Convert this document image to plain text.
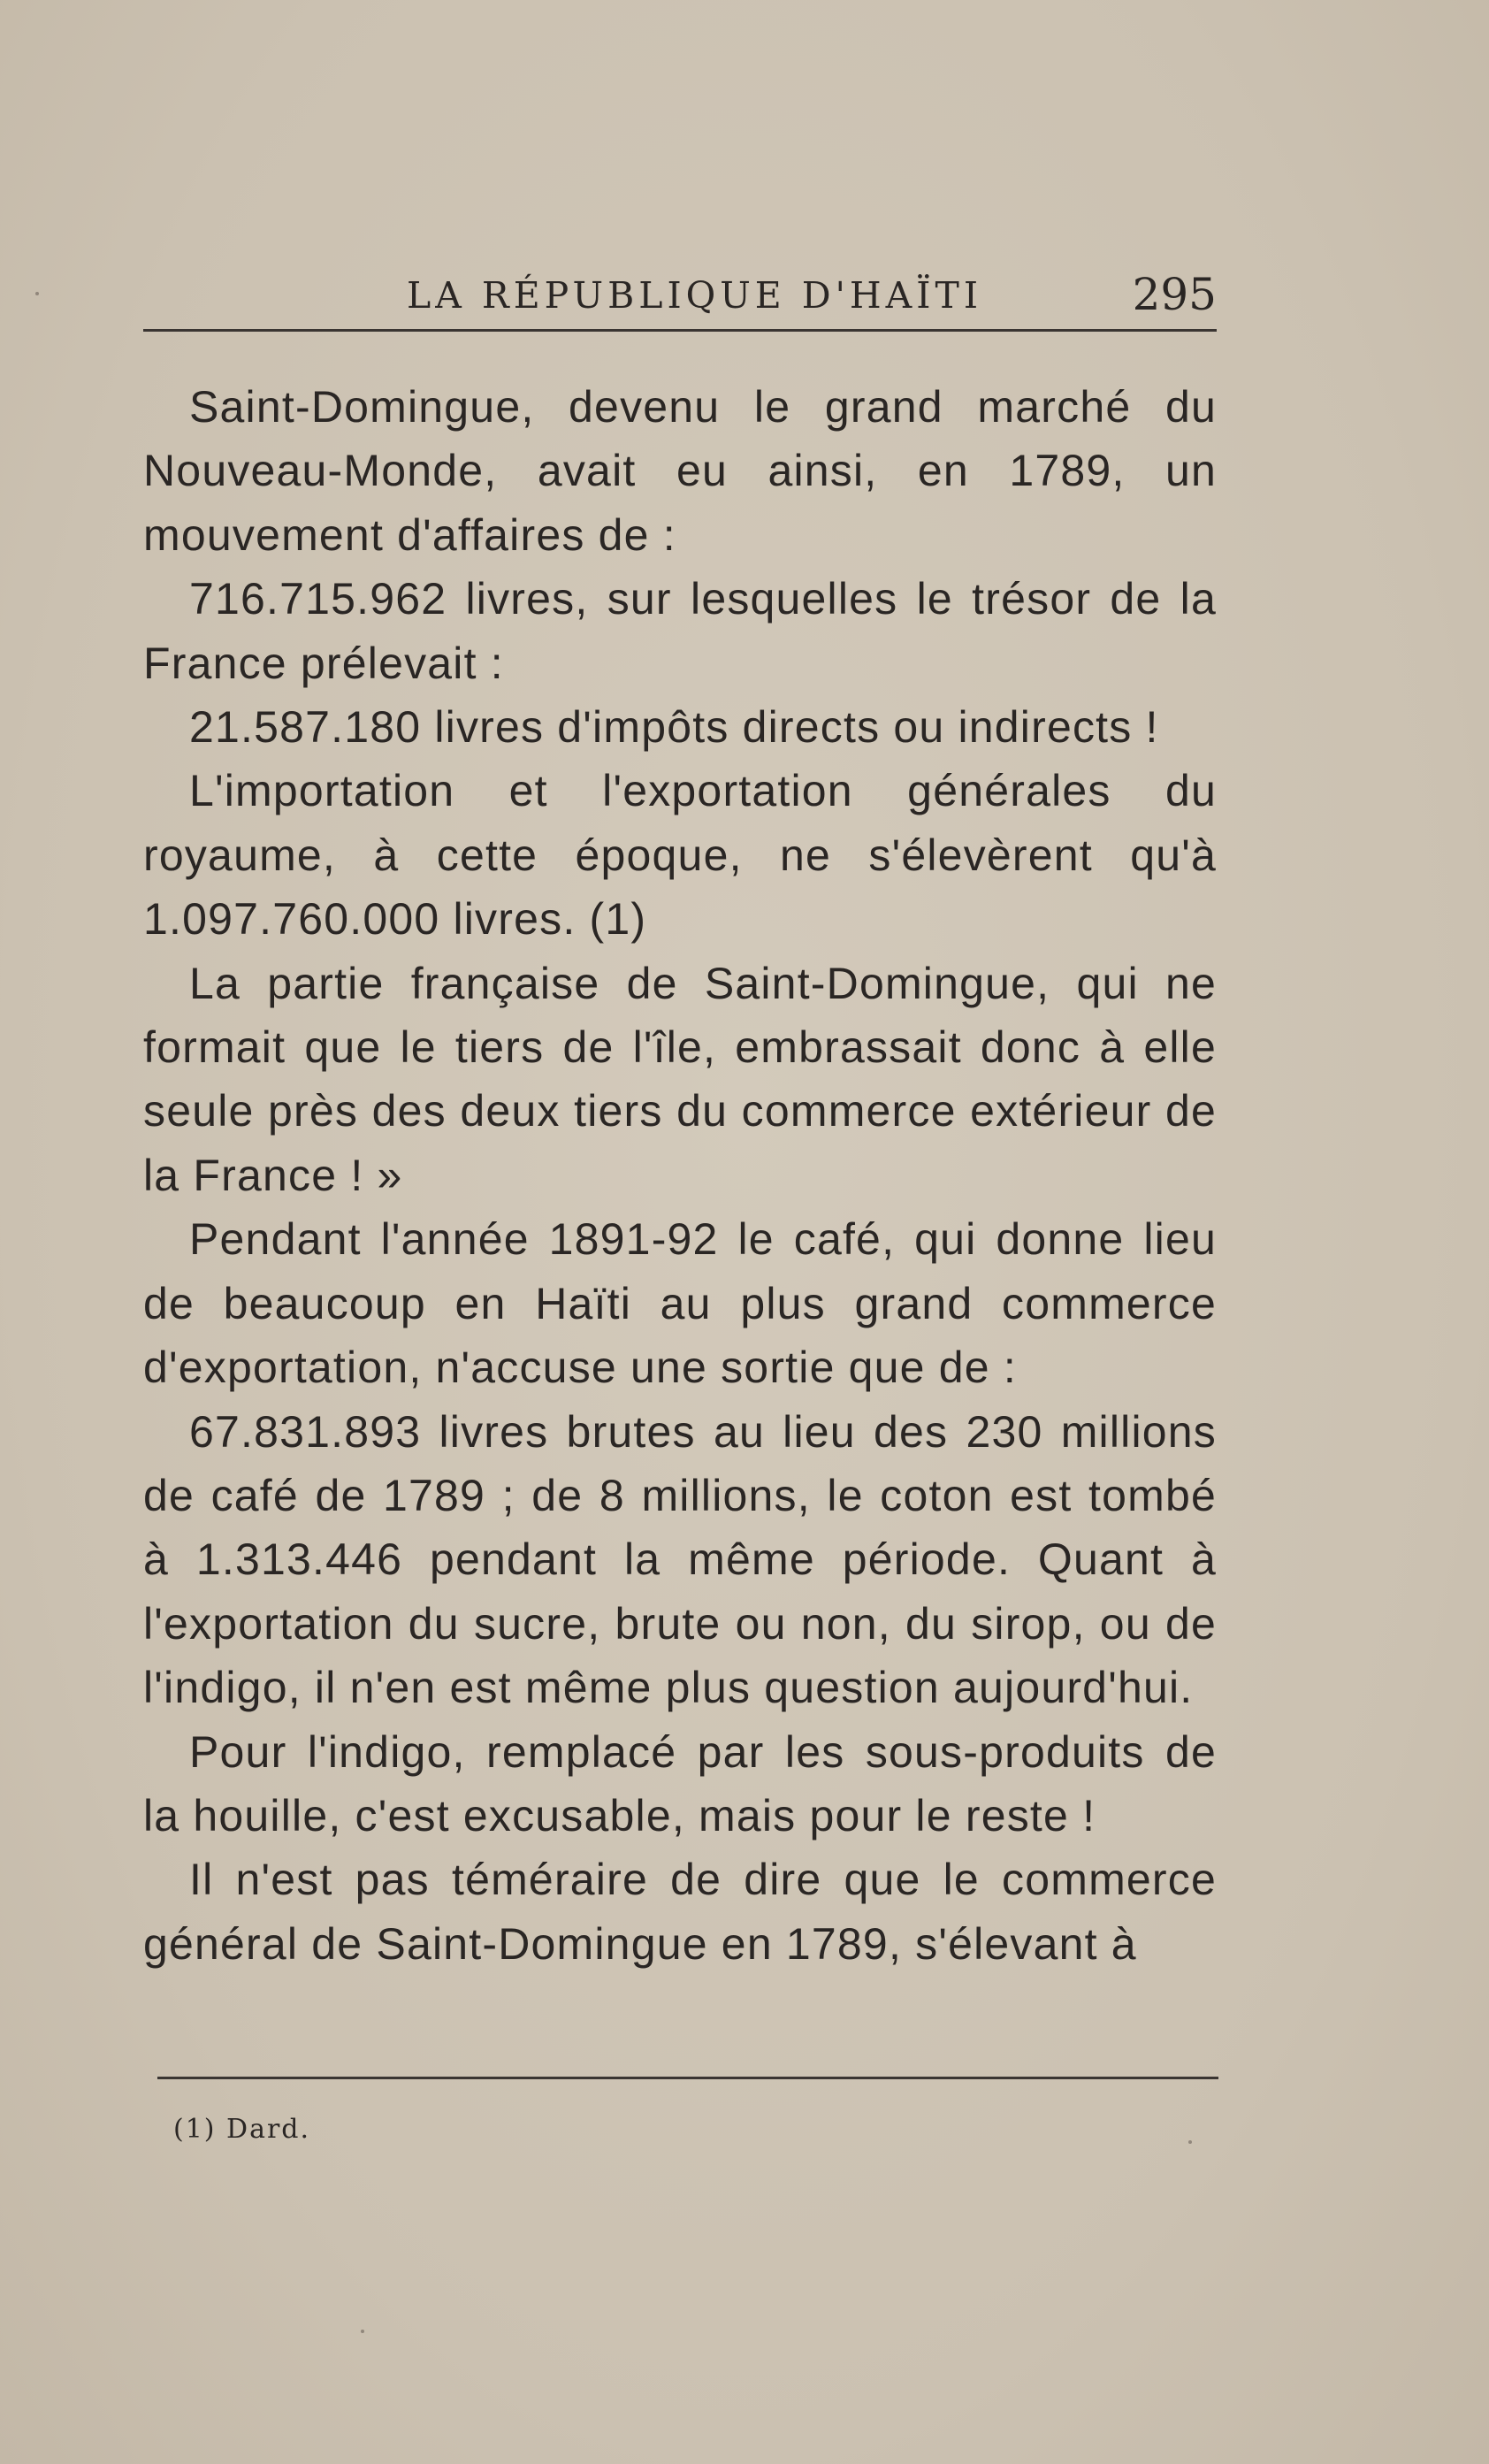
LA RÉPUBLIQUE D'HAÏTI	295

Saint-Domingue, devenu le grand marché du Nouveau-Monde, avait eu ainsi, en 1789, un mouvement d'affaires de :

716.715.962 livres, sur lesquelles le trésor de la France prélevait :

21.587.180 livres d'impôts directs ou indirects !

L'importation et l'exportation générales du royaume, à cette époque, ne s'élevèrent qu'à 1.097.760.000 livres. (1)

La partie française de Saint-Domingue, qui ne formait que le tiers de l'île, embrassait donc à elle seule près des deux tiers du commerce extérieur de la France ! »

Pendant l'année 1891-92 le café, qui donne lieu de beaucoup en Haïti au plus grand commerce d'exportation, n'accuse une sortie que de :

67.831.893 livres brutes au lieu des 230 millions de café de 1789 ; de 8 millions, le coton est tombé à 1.313.446 pendant la même période. Quant à l'exportation du sucre, brute ou non, du sirop, ou de l'indigo, il n'en est même plus question aujourd'hui.

Pour l'indigo, remplacé par les sous-produits de la houille, c'est excusable, mais pour le reste !

Il n'est pas téméraire de dire que le commerce général de Saint-Domingue en 1789, s'élevant à

(1) Dard.
